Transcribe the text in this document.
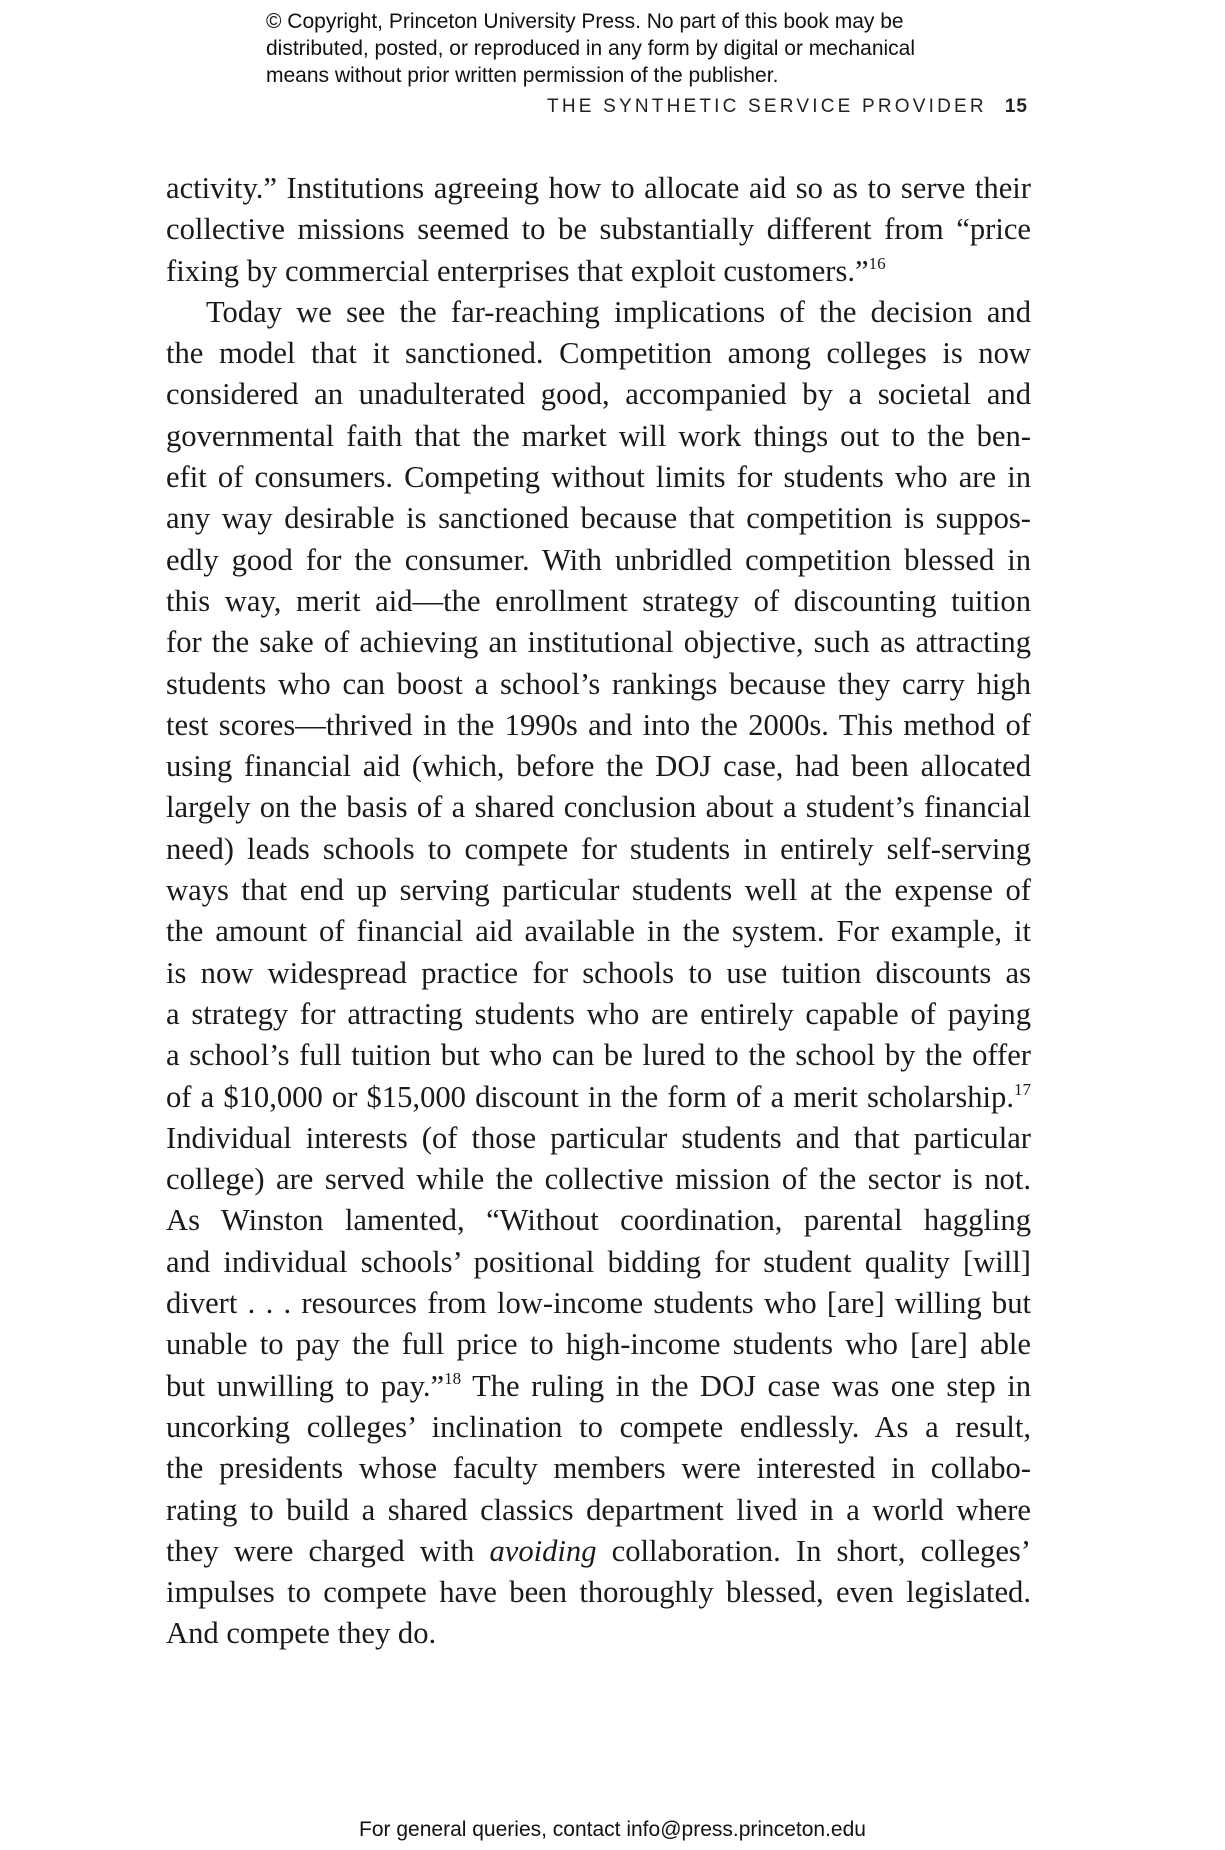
© Copyright, Princeton University Press. No part of this book may be
distributed, posted, or reproduced in any form by digital or mechanical
means without prior written permission of the publisher.
THE SYNTHETIC SERVICE PROVIDER 15
activity.” Institutions agreeing how to allocate aid so as to serve their
collective missions seemed to be substantially different from “price
fixing by commercial enterprises that exploit customers.”$^{16}$
Today we see the far-reaching implications of the decision and
the model that it sanctioned. Competition among colleges is now
considered an unadulterated good, accompanied by a societal and
governmental faith that the market will work things out to the ben-
efit of consumers. Competing without limits for students who are in
any way desirable is sanctioned because that competition is suppos-
edly good for the consumer. With unbridled competition blessed in
this way, merit aid—the enrollment strategy of discounting tuition
for the sake of achieving an institutional objective, such as attracting
students who can boost a school’s rankings because they carry high
test scores—thrived in the 1990s and into the 2000s. This method of
using financial aid (which, before the DOJ case, had been allocated
largely on the basis of a shared conclusion about a student’s financial
need) leads schools to compete for students in entirely self-serving
ways that end up serving particular students well at the expense of
the amount of financial aid available in the system. For example, it
is now widespread practice for schools to use tuition discounts as
a strategy for attracting students who are entirely capable of paying
a school’s full tuition but who can be lured to the school by the offer
of a $10,000 or $15,000 discount in the form of a merit scholarship.$^{17}$
Individual interests (of those particular students and that particular
college) are served while the collective mission of the sector is not.
As Winston lamented, “Without coordination, parental haggling
and individual schools’ positional bidding for student quality [will]
divert . . . resources from low-income students who [are] willing but
unable to pay the full price to high-income students who [are] able
but unwilling to pay.”$^{18}$ The ruling in the DOJ case was one step in
uncorking colleges’ inclination to compete endlessly. As a result,
the presidents whose faculty members were interested in collabo-
rating to build a shared classics department lived in a world where
they were charged with avoiding collaboration. In short, colleges’
impulses to compete have been thoroughly blessed, even legislated.
And compete they do.
For general queries, contact info@press.princeton.edu
